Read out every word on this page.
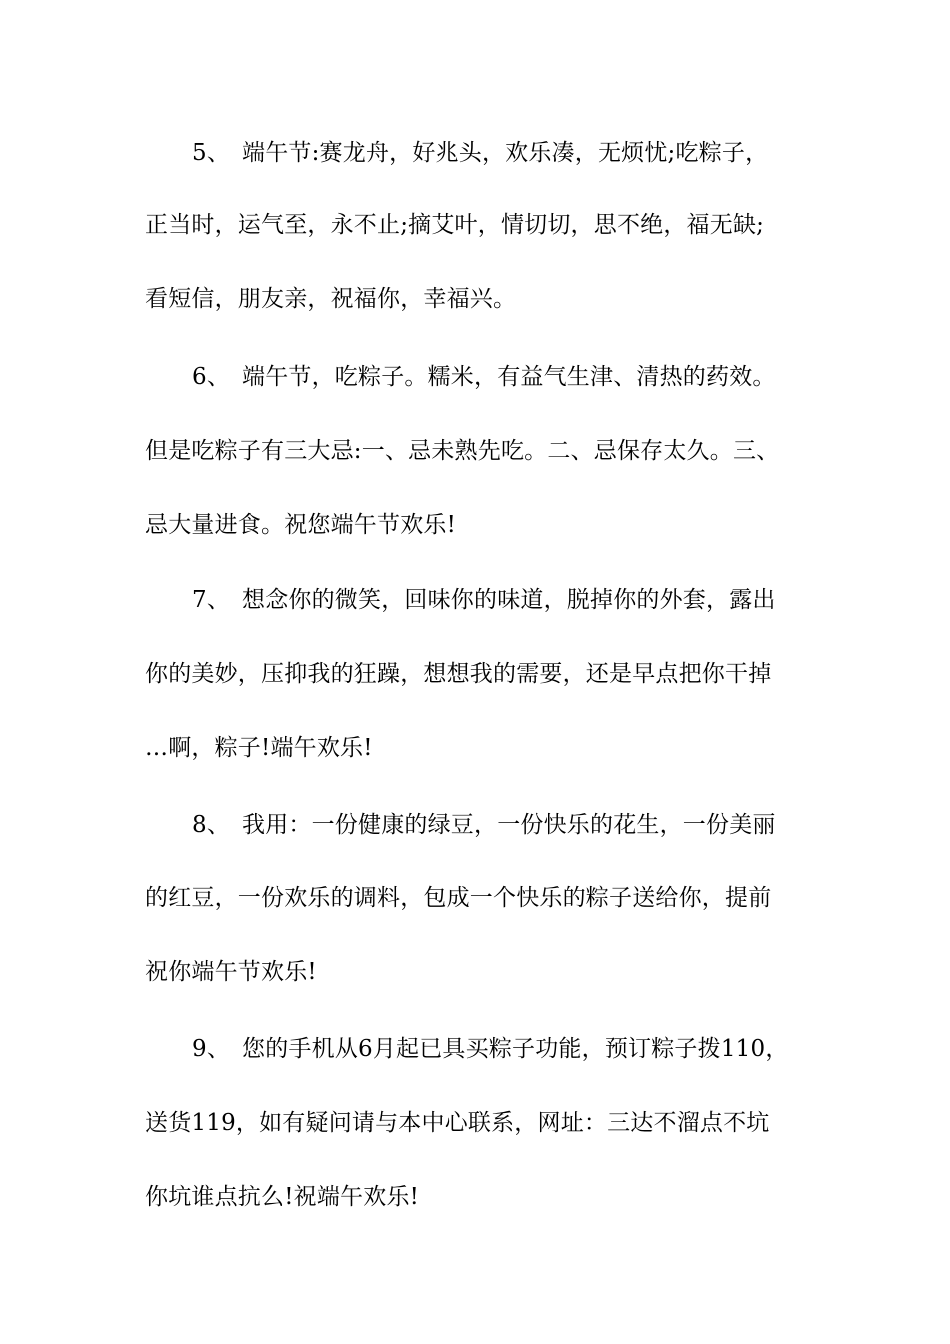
5、 端午节:赛龙舟，好兆头，欢乐凑，无烦忧;吃粽子，
正当时，运气至，永不止;摘艾叶，情切切，思不绝，福无缺;
看短信，朋友亲，祝福你，幸福兴。
6、 端午节，吃粽子。糯米，有益气生津、清热的药效。
但是吃粽子有三大忌:一、忌未熟先吃。二、忌保存太久。三、
忌大量进食。祝您端午节欢乐!
7、 想念你的微笑，回味你的味道，脱掉你的外套，露出
你的美妙，压抑我的狂躁，想想我的需要，还是早点把你干掉
…啊，粽子!端午欢乐!
8、 我用：一份健康的绿豆，一份快乐的花生，一份美丽
的红豆，一份欢乐的调料，包成一个快乐的粽子送给你，提前
祝你端午节欢乐!
9、 您的手机从6月起已具买粽子功能，预订粽子拨110，
送货119，如有疑问请与本中心联系，网址：三达不溜点不坑
你坑谁点抗么!祝端午欢乐!
